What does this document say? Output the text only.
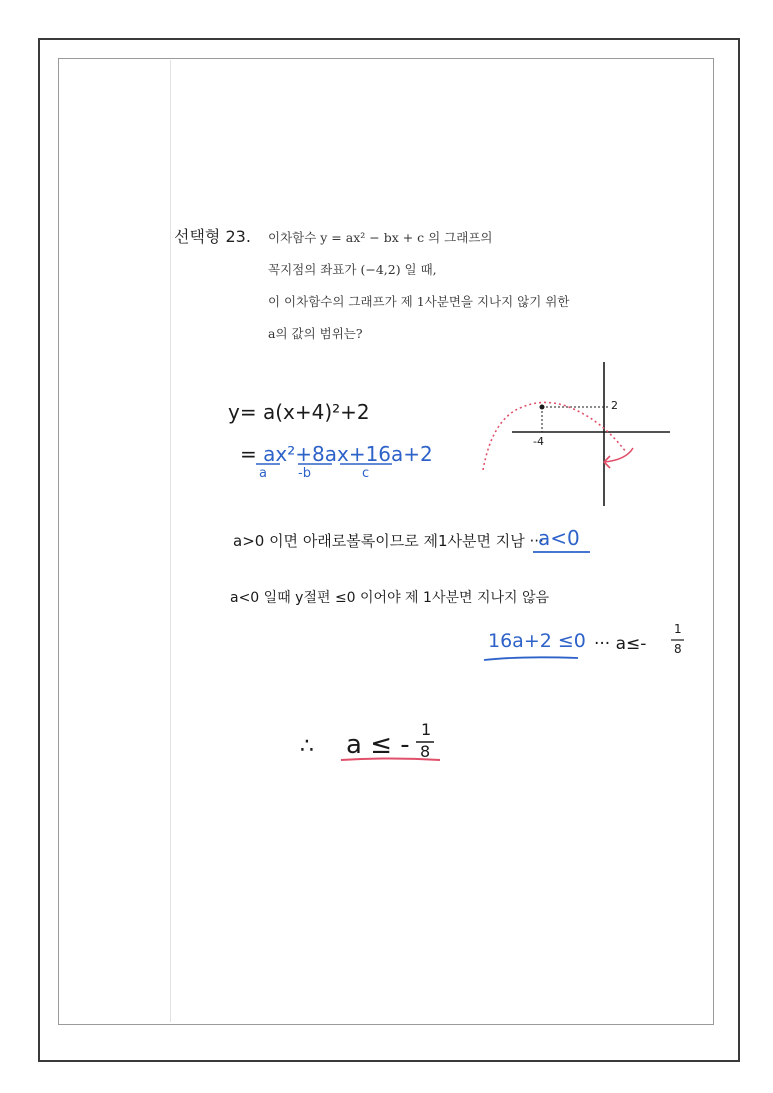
선택형 23. 이차함수 y = ax² − bx + c 의 그래프의
꼭지점의 좌표가 (−4,2) 일 때,
이 이차함수의 그래프가 제 1사분면을 지나지 않기 위한
a의 값의 범위는?
y= a(x+4)²+2
= ax²+8ax+16a+2
a -b	c
a>0 이면 아래로볼록이므로 제1사분면 지남 ···
a<0
a<0 일때 y절편 ≤0 이어야 제 1사분면 지나지 않음
16a+2 ≤0 ··· a≤-
1
8
∴ a ≤ -
1
8
2
-4
